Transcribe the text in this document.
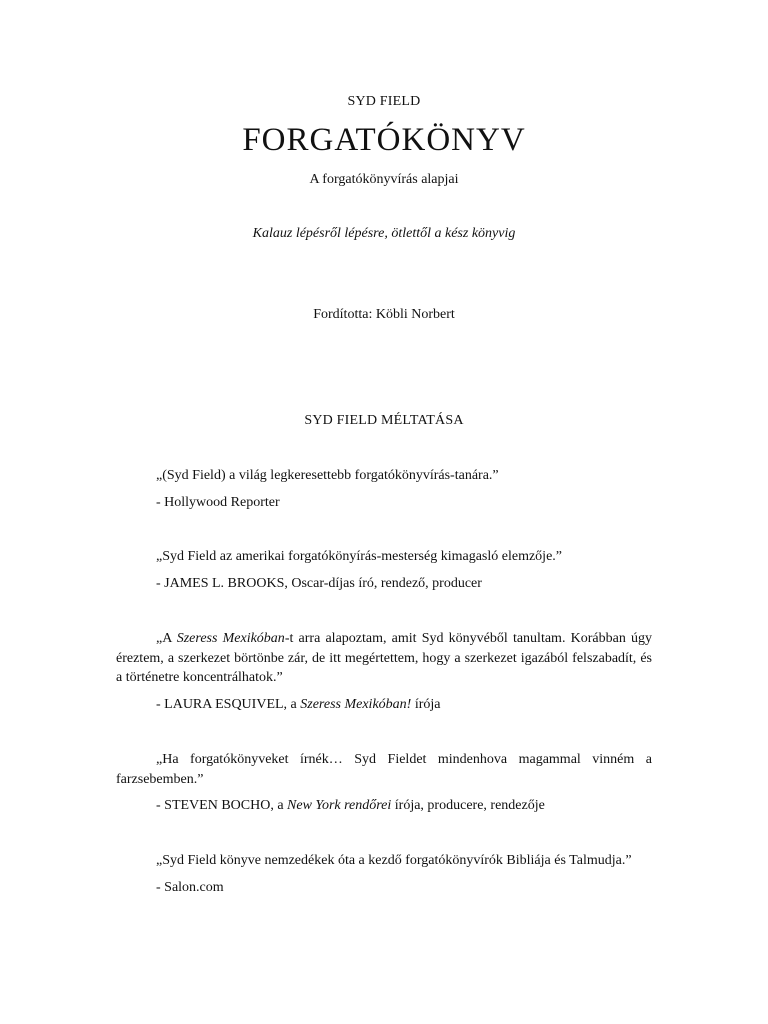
SYD FIELD
FORGATÓKÖNYV
A forgatókönyvírás alapjai
Kalauz lépésről lépésre, ötlettől a kész könyvig
Fordította: Köbli Norbert
SYD FIELD MÉLTATÁSA

„(Syd Field) a világ legkeresettebb forgatókönyvírás-tanára.”

- Hollywood Reporter

„Syd Field az amerikai forgatókönyírás-mesterség kimagasló elemzője.”

- JAMES L. BROOKS, Oscar-díjas író, rendező, producer

„A Szeress Mexikóban-t arra alapoztam, amit Syd könyvéből tanultam. Korábban úgy éreztem, a szerkezet börtönbe zár, de itt megértettem, hogy a szerkezet igazából felszabadít, és a történetre koncentrálhatok.”

- LAURA ESQUIVEL, a Szeress Mexikóban! írója

„Ha forgatókönyveket írnék… Syd Fieldet mindenhova magammal vinném a farzsebemben.”

- STEVEN BOCHO, a New York rendőrei írója, producere, rendezője

„Syd Field könyve nemzedékek óta a kezdő forgatókönyvírók Bibliája és Talmudja.”

- Salon.com
